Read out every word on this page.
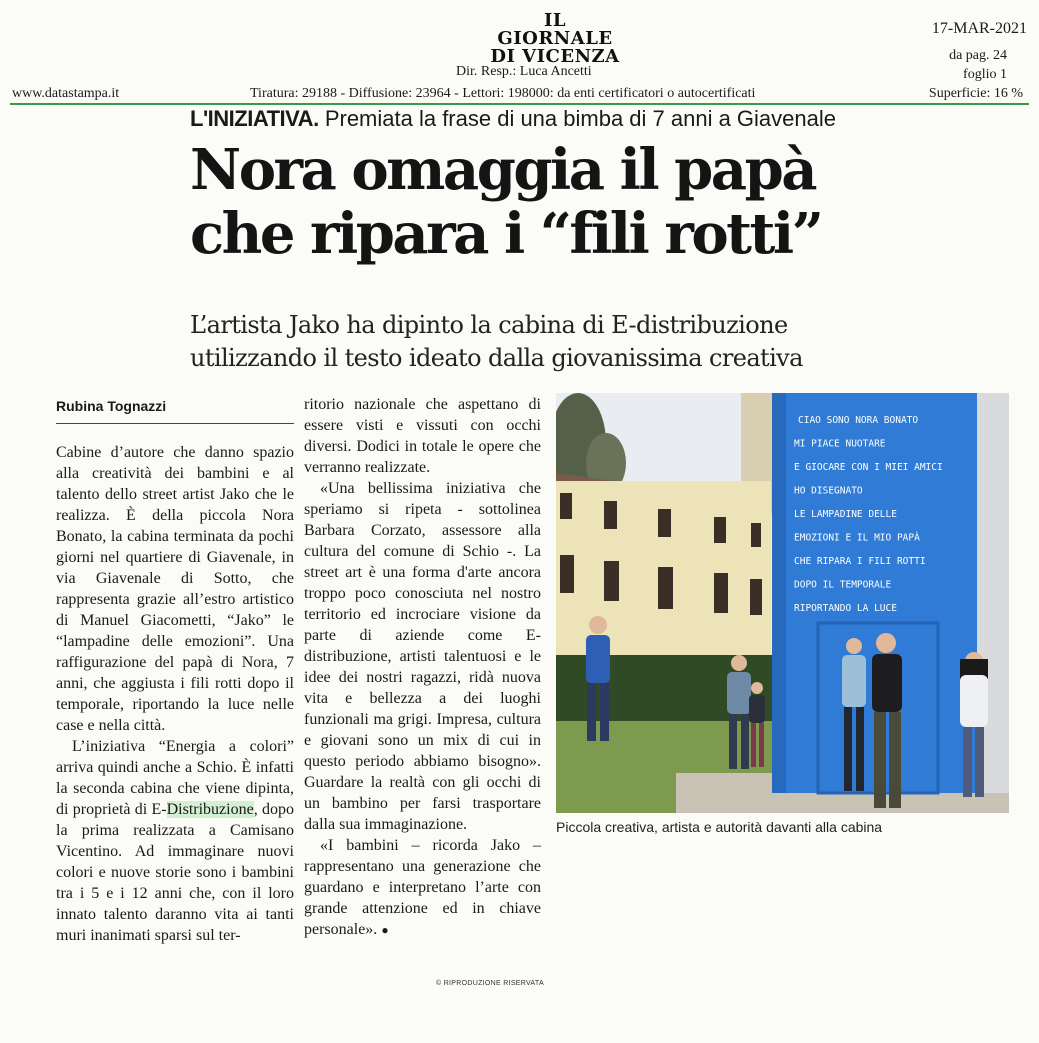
IL GIORNALE
DI VICENZA
17-MAR-2021
da pag. 24
foglio 1
Dir. Resp.: Luca Ancetti
www.datastampa.it	Tiratura: 29188 - Diffusione: 23964 - Lettori: 198000: da enti certificatori o autocertificati	Superficie: 16 %
L'INIZIATIVA. Premiata la frase di una bimba di 7 anni a Giavenale
Nora omaggia il papà
che ripara i “fili rotti”
L’artista Jako ha dipinto la cabina di E-distribuzione
utilizzando il testo ideato dalla giovanissima creativa
Rubina Tognazzi

Cabine d’autore che danno spazio alla creatività dei bambini e al talento dello street artist Jako che le realizza. È della piccola Nora Bonato, la cabina terminata da pochi giorni nel quartiere di Giavenale, in via Giavenale di Sotto, che rappresenta grazie all’estro artistico di Manuel Giacometti, “Jako” le “lampadine delle emozioni”. Una raffigurazione del papà di Nora, 7 anni, che aggiusta i fili rotti dopo il temporale, riportando la luce nelle case e nella città.

L’iniziativa “Energia a colori” arriva quindi anche a Schio. È infatti la seconda cabina che viene dipinta, di proprietà di E-Distribuzione, dopo la prima realizzata a Camisano Vicentino. Ad immaginare nuovi colori e nuove storie sono i bambini tra i 5 e i 12 anni che, con il loro innato talento daranno vita ai tanti muri inanimati sparsi sul ter-

ritorio nazionale che aspettano di essere visti e vissuti con occhi diversi. Dodici in totale le opere che verranno realizzate.

«Una bellissima iniziativa che speriamo si ripeta - sottolinea Barbara Corzato, assessore alla cultura del comune di Schio -. La street art è una forma d'arte ancora troppo poco conosciuta nel nostro territorio ed incrociare visione da parte di aziende come E-distribuzione, artisti talentuosi e le idee dei nostri ragazzi, ridà nuova vita e bellezza a dei luoghi funzionali ma grigi. Impresa, cultura e giovani sono un mix di cui in questo periodo abbiamo bisogno». Guardare la realtà con gli occhi di un bambino per farsi trasportare dalla sua immaginazione.

«I bambini – ricorda Jako – rappresentano una generazione che guardano e interpretano l’arte con grande attenzione ed in chiave personale». ●

© RIPRODUZIONE RISERVATA
CIAO SONO NORA BONATO
MI PIACE NUOTARE
E GIOCARE CON I MIEI AMICI
HO DISEGNATO
LE LAMPADINE DELLE
EMOZIONI E IL MIO PAPÀ
CHE RIPARA I FILI ROTTI
DOPO IL TEMPORALE
RIPORTANDO LA LUCE
Piccola creativa, artista e autorità davanti alla cabina
